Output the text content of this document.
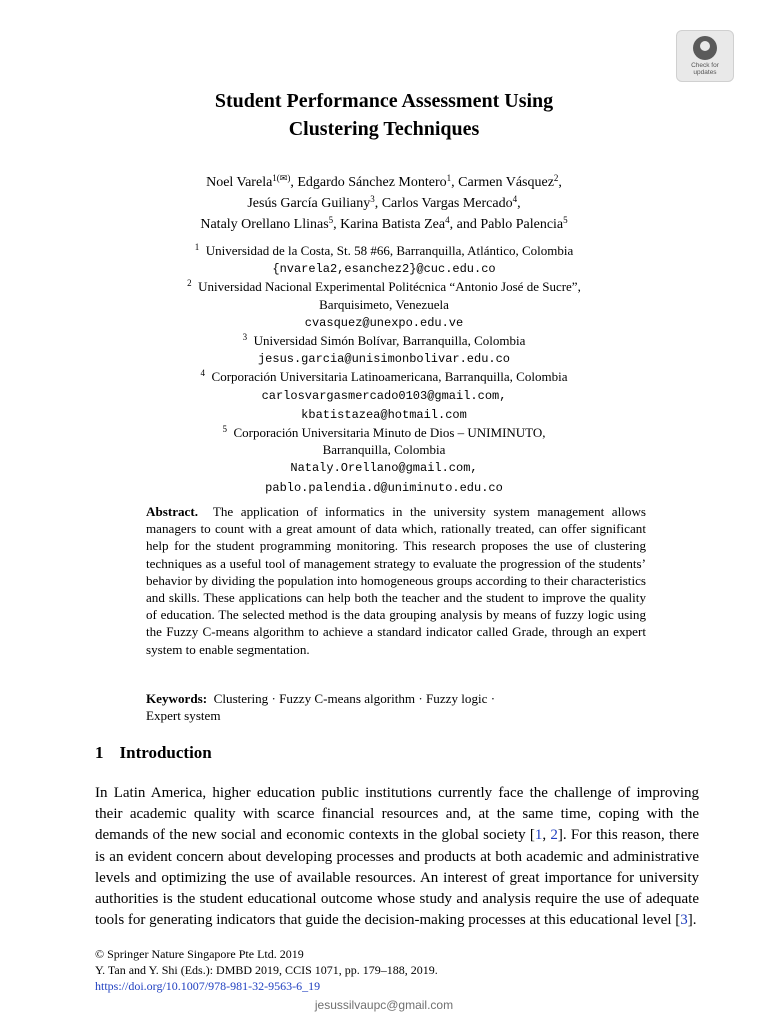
Check for
updates
Student Performance Assessment Using
Clustering Techniques
Noel Varela$^{1(✉)}$, Edgardo Sánchez Montero$^1$, Carmen Vásquez$^2$,
Jesús García Guiliany$^3$, Carlos Vargas Mercado$^4$,
Nataly Orellano Llinas$^5$, Karina Batista Zea$^4$, and Pablo Palencia$^5$
$^1$ Universidad de la Costa, St. 58 #66, Barranquilla, Atlántico, Colombia
{nvarela2,esanchez2}@cuc.edu.co
$^2$ Universidad Nacional Experimental Politécnica “Antonio José de Sucre”,
Barquisimeto, Venezuela
cvasquez@unexpo.edu.ve
$^3$ Universidad Simón Bolívar, Barranquilla, Colombia
jesus.garcia@unisimonbolivar.edu.co
$^4$ Corporación Universitaria Latinoamericana, Barranquilla, Colombia
carlosvargasmercado0103@gmail.com,
kbatistazea@hotmail.com
$^5$ Corporación Universitaria Minuto de Dios – UNIMINUTO,
Barranquilla, Colombia
Nataly.Orellano@gmail.com,
pablo.palendia.d@uniminuto.edu.co

Abstract. The application of informatics in the university system management allows managers to count with a great amount of data which, rationally treated, can offer significant help for the student programming monitoring. This research proposes the use of clustering techniques as a useful tool of management strategy to evaluate the progression of the students’ behavior by dividing the population into homogeneous groups according to their characteristics and skills. These applications can help both the teacher and the student to improve the quality of education. The selected method is the data grouping analysis by means of fuzzy logic using the Fuzzy C-means algorithm to achieve a standard indicator called Grade, through an expert system to enable segmentation.

Keywords: Clustering · Fuzzy C-means algorithm · Fuzzy logic ·
Expert system

1 Introduction

In Latin America, higher education public institutions currently face the challenge of improving their academic quality with scarce financial resources and, at the same time, coping with the demands of the new social and economic contexts in the global society [1, 2]. For this reason, there is an evident concern about developing processes and products at both academic and administrative levels and optimizing the use of available resources. An interest of great importance for university authorities is the student educational outcome whose study and analysis require the use of adequate tools for generating indicators that guide the decision-making processes at this educational level [3].

© Springer Nature Singapore Pte Ltd. 2019
Y. Tan and Y. Shi (Eds.): DMBD 2019, CCIS 1071, pp. 179–188, 2019.
https://doi.org/10.1007/978-981-32-9563-6_19
jesussilvaupc@gmail.com
